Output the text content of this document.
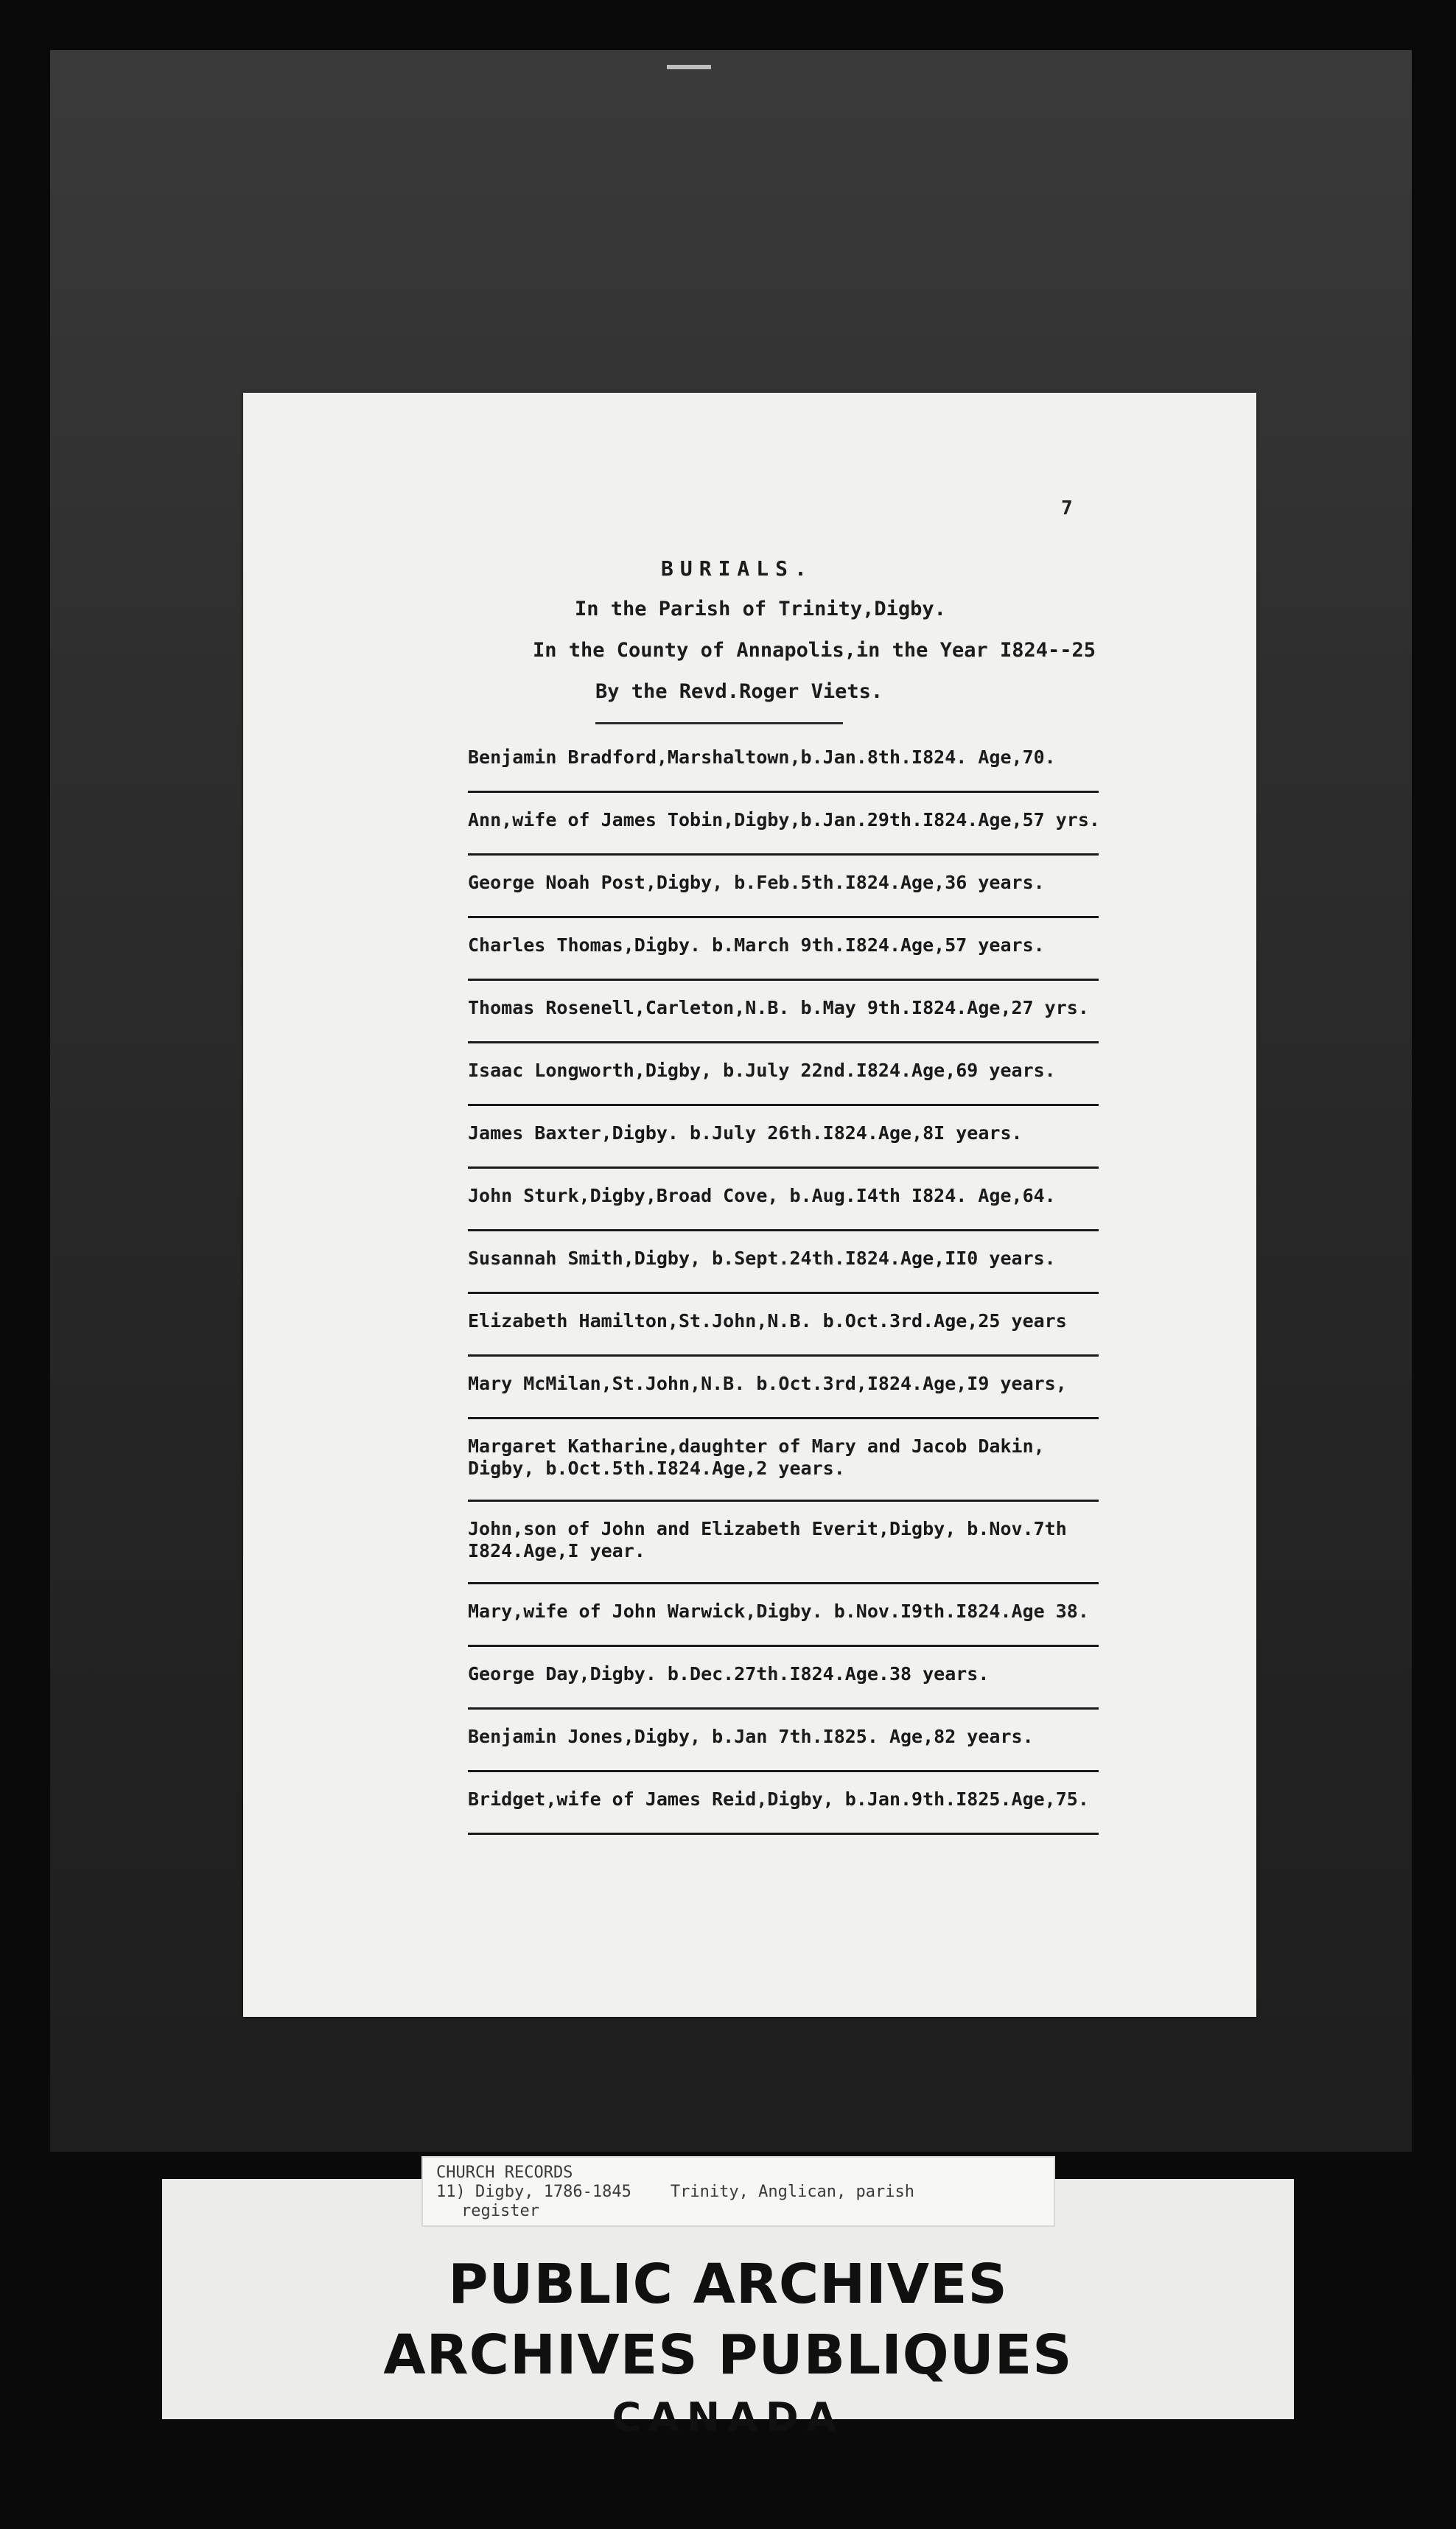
7
BURIALS.
In the Parish of Trinity,Digby.
In the County of Annapolis,in the Year I824--25
By the Revd.Roger Viets.
Benjamin Bradford,Marshaltown,b.Jan.8th.I824. Age,70.
Ann,wife of James Tobin,Digby,b.Jan.29th.I824.Age,57 yrs.
George Noah Post,Digby, b.Feb.5th.I824.Age,36 years.
Charles Thomas,Digby. b.March 9th.I824.Age,57 years.
Thomas Rosenell,Carleton,N.B. b.May 9th.I824.Age,27 yrs.
Isaac Longworth,Digby, b.July 22nd.I824.Age,69 years.
James Baxter,Digby. b.July 26th.I824.Age,8I years.
John Sturk,Digby,Broad Cove, b.Aug.I4th I824. Age,64.
Susannah Smith,Digby, b.Sept.24th.I824.Age,II0 years.
Elizabeth Hamilton,St.John,N.B. b.Oct.3rd.Age,25 years
Mary McMilan,St.John,N.B. b.Oct.3rd,I824.Age,I9 years,
Margaret Katharine,daughter of Mary and Jacob Dakin,
Digby, b.Oct.5th.I824.Age,2 years.
John,son of John and Elizabeth Everit,Digby, b.Nov.7th
I824.Age,I year.
Mary,wife of John Warwick,Digby. b.Nov.I9th.I824.Age 38.
George Day,Digby. b.Dec.27th.I824.Age.38 years.
Benjamin Jones,Digby, b.Jan 7th.I825. Age,82 years.
Bridget,wife of James Reid,Digby, b.Jan.9th.I825.Age,75.
PUBLIC ARCHIVES
ARCHIVES PUBLIQUES
CANADA
CHURCH RECORDS
11) Digby, 1786-1845    Trinity, Anglican, parish
register
